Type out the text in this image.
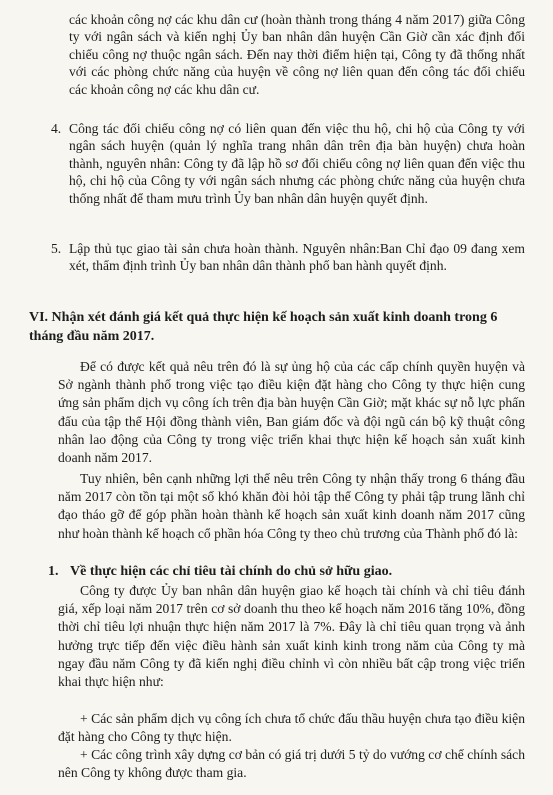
các khoản công nợ các khu dân cư (hoàn thành trong tháng 4 năm 2017) giữa Công ty với ngân sách và kiến nghị Ủy ban nhân dân huyện Cần Giờ cần xác định đối chiếu công nợ thuộc ngân sách. Đến nay thời điểm hiện tại, Công ty đã thống nhất với các phòng chức năng của huyện về công nợ liên quan đến công tác đối chiếu các khoản công nợ các khu dân cư.

4. Công tác đối chiếu công nợ có liên quan đến việc thu hộ, chi hộ của Công ty với ngân sách huyện (quản lý nghĩa trang nhân dân trên địa bàn huyện) chưa hoàn thành, nguyên nhân: Công ty đã lập hồ sơ đối chiếu công nợ liên quan đến việc thu hộ, chi hộ của Công ty với ngân sách nhưng các phòng chức năng của huyện chưa thống nhất để tham mưu trình Ủy ban nhân dân huyện quyết định.

5. Lập thủ tục giao tài sản chưa hoàn thành. Nguyên nhân:Ban Chỉ đạo 09 đang xem xét, thẩm định trình Ủy ban nhân dân thành phố ban hành quyết định.

VI. Nhận xét đánh giá kết quả thực hiện kế hoạch sản xuất kinh doanh trong 6 tháng đầu năm 2017.

Để có được kết quả nêu trên đó là sự ủng hộ của các cấp chính quyền huyện và Sở ngành thành phố trong việc tạo điều kiện đặt hàng cho Công ty thực hiện cung ứng sản phẩm dịch vụ công ích trên địa bàn huyện Cần Giờ; mặt khác sự nỗ lực phấn đấu của tập thể Hội đồng thành viên, Ban giám đốc và đội ngũ cán bộ kỹ thuật công nhân lao động của Công ty trong việc triển khai thực hiện kế hoạch sản xuất kinh doanh năm 2017.

Tuy nhiên, bên cạnh những lợi thế nêu trên Công ty nhận thấy trong 6 tháng đầu năm 2017 còn tồn tại một số khó khăn đòi hỏi tập thể Công ty phải tập trung lãnh chỉ đạo tháo gỡ để góp phần hoàn thành kế hoạch sản xuất kinh doanh năm 2017 cũng như hoàn thành kế hoạch cổ phần hóa Công ty theo chủ trương của Thành phố đó là:

1. Về thực hiện các chỉ tiêu tài chính do chủ sở hữu giao.

Công ty được Ủy ban nhân dân huyện giao kế hoạch tài chính và chỉ tiêu đánh giá, xếp loại năm 2017 trên cơ sở doanh thu theo kế hoạch năm 2016 tăng 10%, đồng thời chỉ tiêu lợi nhuận thực hiện năm 2017 là 7%. Đây là chỉ tiêu quan trọng và ảnh hưởng trực tiếp đến việc điều hành sản xuất kinh kinh trong năm của Công ty mà ngay đầu năm Công ty đã kiến nghị điều chỉnh vì còn nhiều bất cập trong việc triển khai thực hiện như:

+ Các sản phẩm dịch vụ công ích chưa tổ chức đấu thầu huyện chưa tạo điều kiện đặt hàng cho Công ty thực hiện.

+ Các công trình xây dựng cơ bản có giá trị dưới 5 tỷ do vướng cơ chế chính sách nên Công ty không được tham gia.
